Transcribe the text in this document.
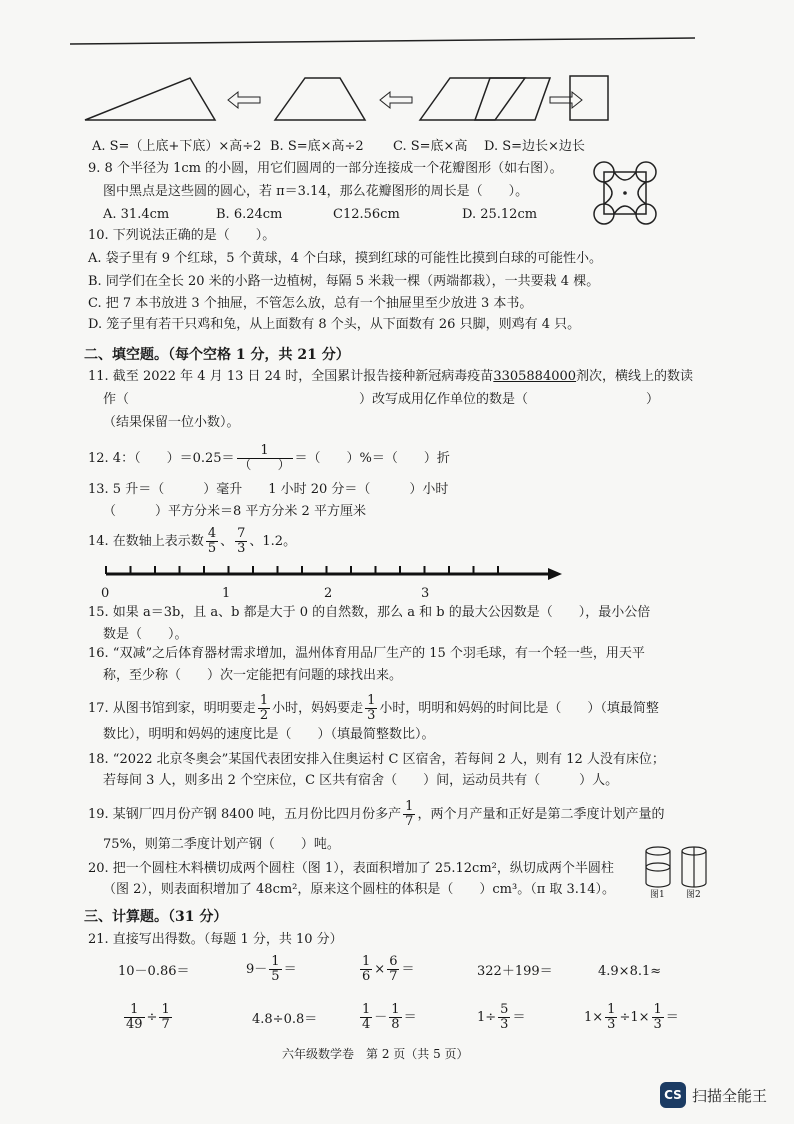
A. S=（上底+下底）×高÷2 B. S=底×高÷2 C. S=底×高 D. S=边长×边长
9. 8 个半径为 1cm 的小圆，用它们圆周的一部分连接成一个花瓣图形（如右图）。
图中黑点是这些圆的圆心，若 π＝3.14，那么花瓣图形的周长是（　　）。
A. 31.4cm	B. 6.24cm	C12.56cm	D. 25.12cm
10. 下列说法正确的是（　　）。
A. 袋子里有 9 个红球，5 个黄球，4 个白球，摸到红球的可能性比摸到白球的可能性小。
B. 同学们在全长 20 米的小路一边植树，每隔 5 米栽一棵（两端都栽），一共要栽 4 棵。
C. 把 7 本书放进 3 个抽屉，不管怎么放，总有一个抽屉里至少放进 3 本书。
D. 笼子里有若干只鸡和兔，从上面数有 8 个头，从下面数有 26 只脚，则鸡有 4 只。
二、填空题。（每个空格 1 分，共 21 分）
11. 截至 2022 年 4 月 13 日 24 时，全国累计报告接种新冠病毒疫苗3305884000剂次，横线上的数读
作（	）改写成用亿作单位的数是（	）
（结果保留一位小数）。
12. 4：（　　）$=0.25= \frac{1}{( )}$ ＝（　　）%＝（　　）折
13. 5 升＝（　　　）毫升　　1 小时 20 分＝（　　　）小时
（　　　）平方分米＝8 平方分米 2 平方厘米
14. 在数轴上表示数 $\frac{4}{5}$ 、 $\frac{7}{3}$ 、1.2。
0	1	2	3
15. 如果 a＝3b，且 a、b 都是大于 0 的自然数，那么 a 和 b 的最大公因数是（　　），最小公倍
数是（　　）。
16. “双减”之后体育器材需求增加，温州体育用品厂生产的 15 个羽毛球，有一个轻一些，用天平
称，至少称（　　）次一定能把有问题的球找出来。
17. 从图书馆到家，明明要走 $\frac{1}{2}$ 小时，妈妈要走 $\frac{1}{3}$ 小时，明明和妈妈的时间比是（　　）（填最简整
数比），明明和妈妈的速度比是（　　）（填最简整数比）。
18. “2022 北京冬奥会”某国代表团安排入住奥运村 C 区宿舍，若每间 2 人，则有 12 人没有床位；
若每间 3 人，则多出 2 个空床位，C 区共有宿舍（　　）间，运动员共有（　　　）人。
19. 某钢厂四月份产钢 8400 吨，五月份比四月份多产 $\frac{1}{7}$ ，两个月产量和正好是第二季度计划产量的
75%，则第二季度计划产钢（　　）吨。
20. 把一个圆柱木料横切成两个圆柱（图 1），表面积增加了 25.12cm²，纵切成两个半圆柱
（图 2），则表面积增加了 48cm²，原来这个圆柱的体积是（　　）cm³。（π 取 3.14）。	图1 图2
三、计算题。（31 分）
21. 直接写出得数。（每题 1 分，共 10 分）
10－0.86＝	$9- \frac{1}{5}$ ＝	$\frac{1}{6} \times \frac{6}{7}$ ＝	322＋199＝	4.9×8.1≈
$\frac{1}{49} \div \frac{1}{7}$	4.8÷0.8＝	$\frac{1}{4} - \frac{1}{8}$ ＝	$1\div \frac{5}{3}$ ＝	$1\times \frac{1}{3} \div 1\times \frac{1}{3}$ ＝
六年级数学卷　第 2 页（共 5 页）
CS 扫描全能王
